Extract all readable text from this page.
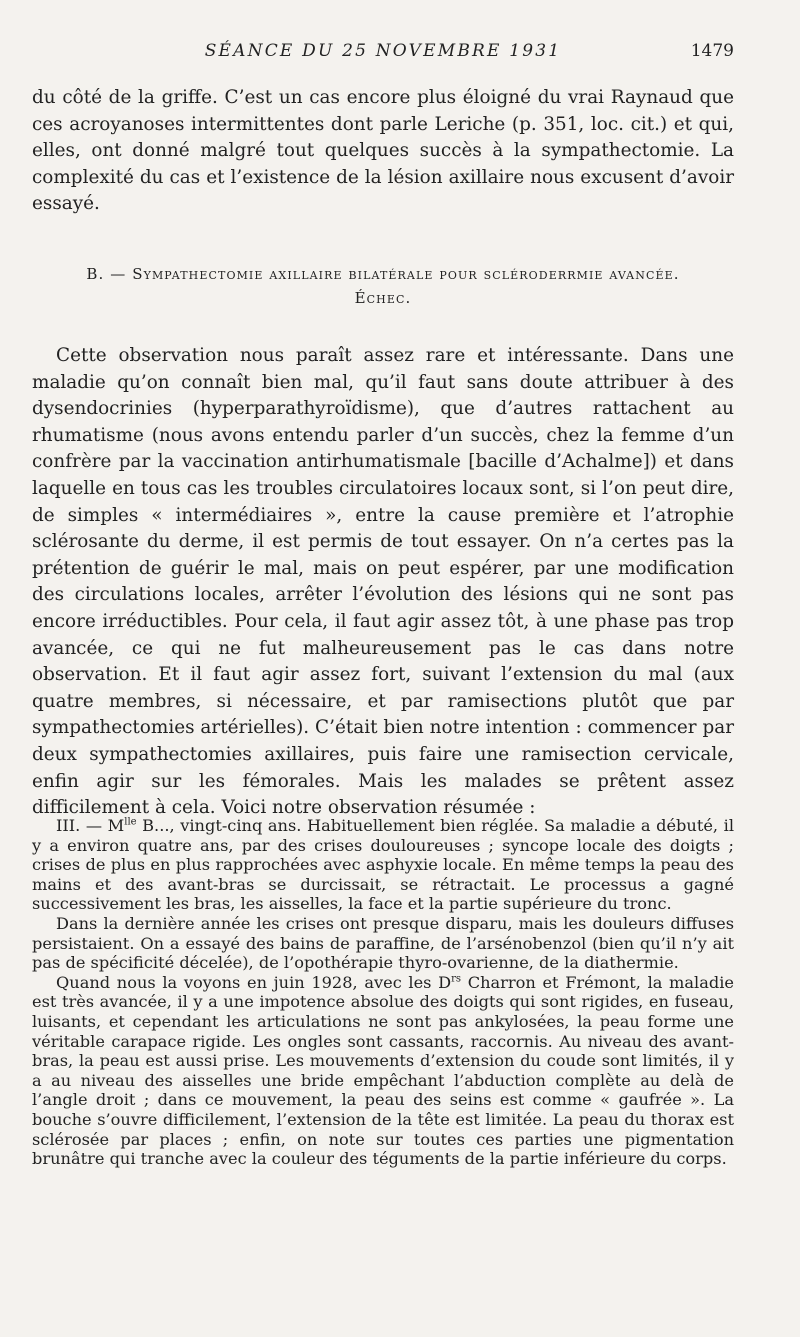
SÉANCE DU 25 NOVEMBRE 1931	1479

du côté de la griffe. C’est un cas encore plus éloigné du vrai Raynaud que ces acroyanoses intermittentes dont parle Leriche (p. 351, loc. cit.) et qui, elles, ont donné malgré tout quelques succès à la sympathectomie. La complexité du cas et l’existence de la lésion axillaire nous excusent d’avoir essayé.

B. — Sympathectomie axillaire bilatérale pour scléroderrmie avancée.
Échec.

Cette observation nous paraît assez rare et intéressante. Dans une maladie qu’on connaît bien mal, qu’il faut sans doute attribuer à des dysendocrinies (hyperparathyroïdisme), que d’autres rattachent au rhumatisme (nous avons entendu parler d’un succès, chez la femme d’un confrère par la vaccination antirhumatismale [bacille d’Achalme]) et dans laquelle en tous cas les troubles circulatoires locaux sont, si l’on peut dire, de simples « intermédiaires », entre la cause première et l’atrophie sclérosante du derme, il est permis de tout essayer. On n’a certes pas la prétention de guérir le mal, mais on peut espérer, par une modification des circulations locales, arrêter l’évolution des lésions qui ne sont pas encore irréductibles. Pour cela, il faut agir assez tôt, à une phase pas trop avancée, ce qui ne fut malheureusement pas le cas dans notre observation. Et il faut agir assez fort, suivant l’extension du mal (aux quatre membres, si nécessaire, et par ramisections plutôt que par sympathectomies artérielles). C’était bien notre intention : commencer par deux sympathectomies axillaires, puis faire une ramisection cervicale, enfin agir sur les fémorales. Mais les malades se prêtent assez difficilement à cela. Voici notre observation résumée :

III. — $M^{lle}$ B..., vingt-cinq ans. Habituellement bien réglée. Sa maladie a débuté, il y a environ quatre ans, par des crises douloureuses ; syncope locale des doigts ; crises de plus en plus rapprochées avec asphyxie locale. En même temps la peau des mains et des avant-bras se durcissait, se rétractait. Le processus a gagné successivement les bras, les aisselles, la face et la partie supérieure du tronc.

Dans la dernière année les crises ont presque disparu, mais les douleurs diffuses persistaient. On a essayé des bains de paraffine, de l’arsénobenzol (bien qu’il n’y ait pas de spécificité décelée), de l’opothérapie thyro-ovarienne, de la diathermie.

Quand nous la voyons en juin 1928, avec les $D^{rs}$ Charron et Frémont, la maladie est très avancée, il y a une impotence absolue des doigts qui sont rigides, en fuseau, luisants, et cependant les articulations ne sont pas ankylosées, la peau forme une véritable carapace rigide. Les ongles sont cassants, raccornis. Au niveau des avant-bras, la peau est aussi prise. Les mouvements d’extension du coude sont limités, il y a au niveau des aisselles une bride empêchant l’abduction complète au delà de l’angle droit ; dans ce mouvement, la peau des seins est comme « gaufrée ». La bouche s’ouvre difficilement, l’extension de la tête est limitée. La peau du thorax est sclérosée par places ; enfin, on note sur toutes ces parties une pigmentation brunâtre qui tranche avec la couleur des téguments de la partie inférieure du corps.
